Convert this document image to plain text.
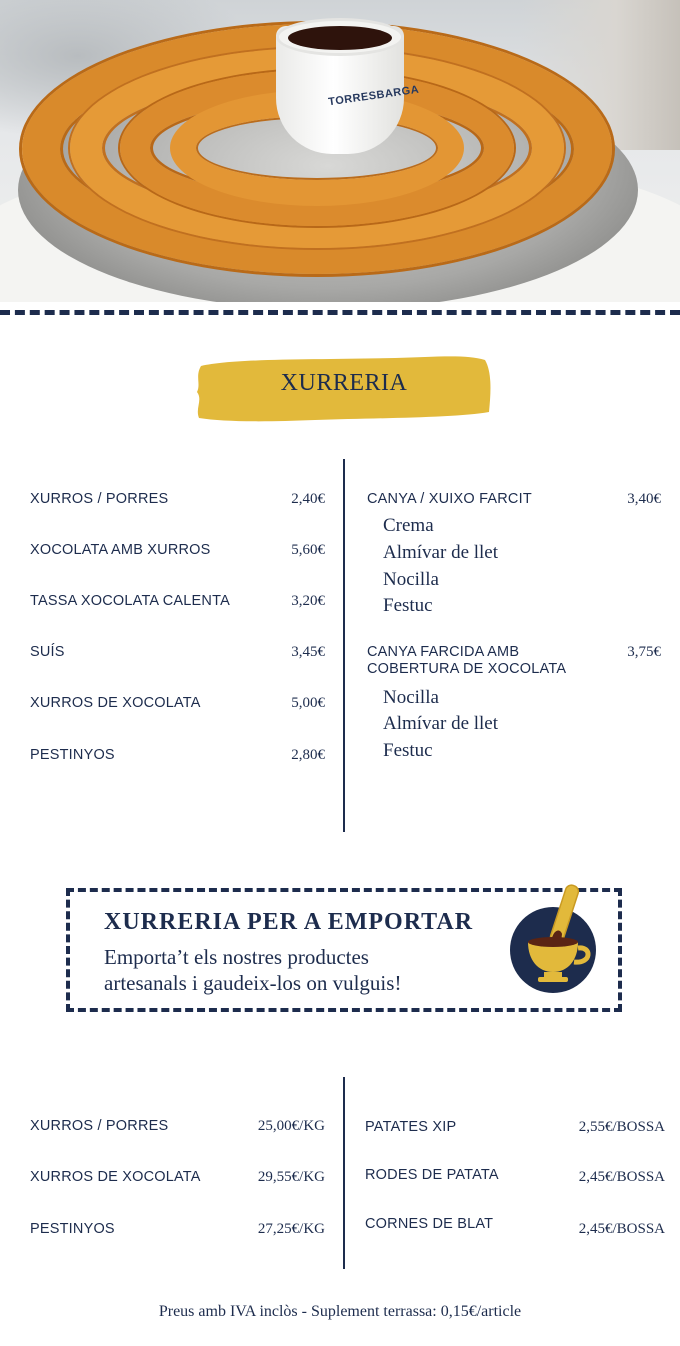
TORRESBARGA
XURRERIA
XURROS / PORRES	2,40€
XOCOLATA AMB XURROS	5,60€
TASSA XOCOLATA CALENTA	3,20€
SUÍS	3,45€
XURROS DE XOCOLATA	5,00€
PESTINYOS	2,80€
CANYA / XUIXO FARCIT	3,40€
Crema
Almívar de llet
Nocilla
Festuc
CANYA FARCIDA AMB
COBERTURA DE XOCOLATA
3,75€
Nocilla
Almívar de llet
Festuc
XURRERIA PER A EMPORTAR
Emporta’t els nostres productes
artesanals i gaudeix-los on vulguis!
XURROS / PORRES	25,00€/KG
XURROS DE XOCOLATA	29,55€/KG
PESTINYOS	27,25€/KG
PATATES XIP	2,55€/BOSSA
RODES DE PATATA	2,45€/BOSSA
CORNES DE BLAT	2,45€/BOSSA
Preus amb IVA inclòs - Suplement terrassa: 0,15€/article
